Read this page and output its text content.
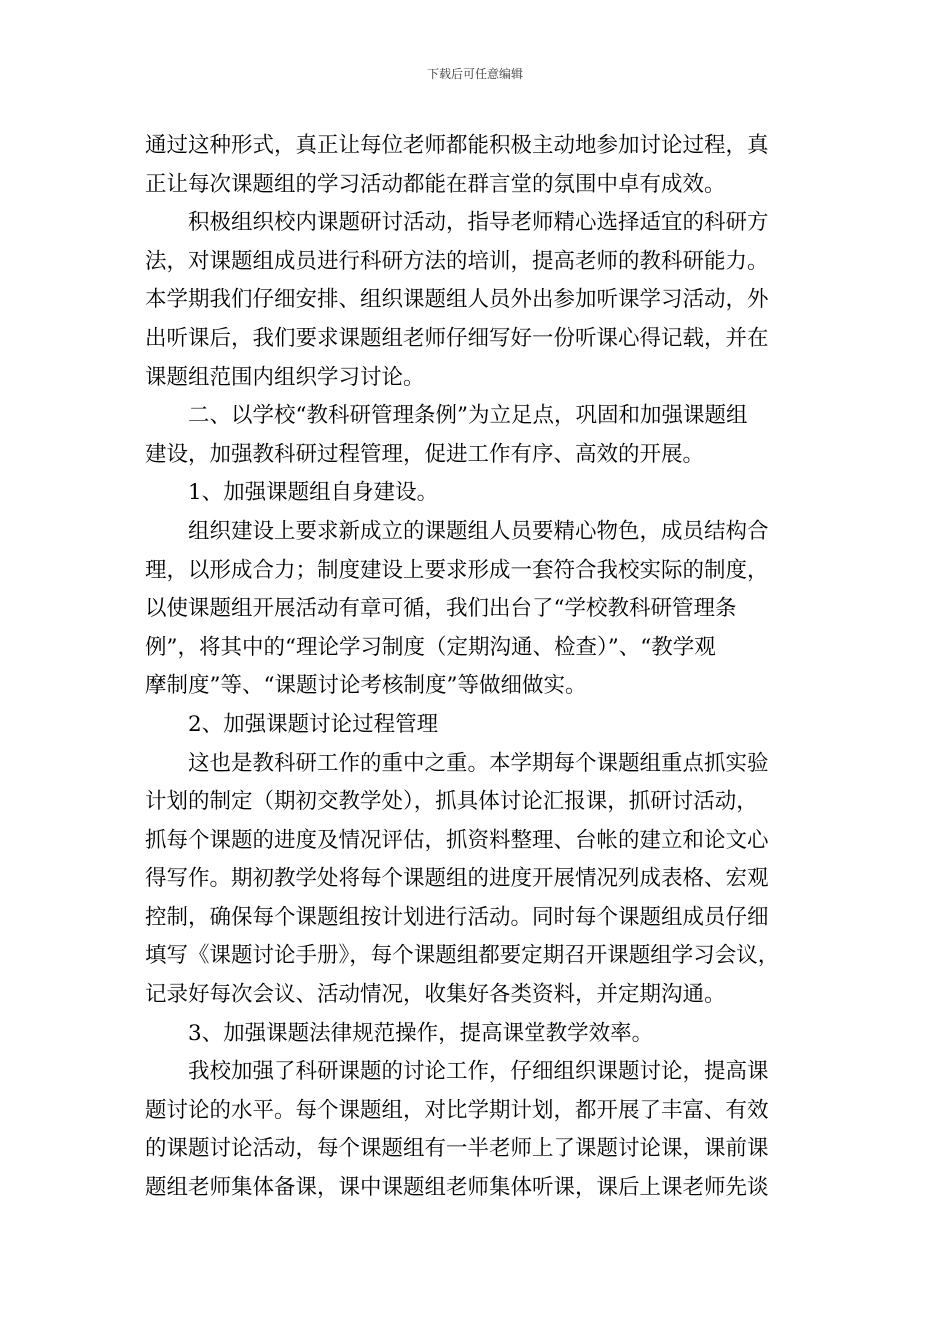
下载后可任意编辑
通过这种形式，真正让每位老师都能积极主动地参加讨论过程，真
正让每次课题组的学习活动都能在群言堂的氛围中卓有成效。
积极组织校内课题研讨活动，指导老师精心选择适宜的科研方
法，对课题组成员进行科研方法的培训，提高老师的教科研能力。
本学期我们仔细安排、组织课题组人员外出参加听课学习活动，外
出听课后，我们要求课题组老师仔细写好一份听课心得记载，并在
课题组范围内组织学习讨论。
二、以学校“教科研管理条例”为立足点，巩固和加强课题组
建设，加强教科研过程管理，促进工作有序、高效的开展。
1、加强课题组自身建设。
组织建设上要求新成立的课题组人员要精心物色，成员结构合
理，以形成合力；制度建设上要求形成一套符合我校实际的制度，
以使课题组开展活动有章可循，我们出台了“学校教科研管理条
例”，将其中的“理论学习制度（定期沟通、检查）”、“教学观
摩制度”等、“课题讨论考核制度”等做细做实。
2、加强课题讨论过程管理
这也是教科研工作的重中之重。本学期每个课题组重点抓实验
计划的制定（期初交教学处），抓具体讨论汇报课，抓研讨活动，
抓每个课题的进度及情况评估，抓资料整理、台帐的建立和论文心
得写作。期初教学处将每个课题组的进度开展情况列成表格、宏观
控制，确保每个课题组按计划进行活动。同时每个课题组成员仔细
填写《课题讨论手册》，每个课题组都要定期召开课题组学习会议，
记录好每次会议、活动情况，收集好各类资料，并定期沟通。
3、加强课题法律规范操作，提高课堂教学效率。
我校加强了科研课题的讨论工作，仔细组织课题讨论，提高课
题讨论的水平。每个课题组，对比学期计划，都开展了丰富、有效
的课题讨论活动，每个课题组有一半老师上了课题讨论课，课前课
题组老师集体备课，课中课题组老师集体听课，课后上课老师先谈
